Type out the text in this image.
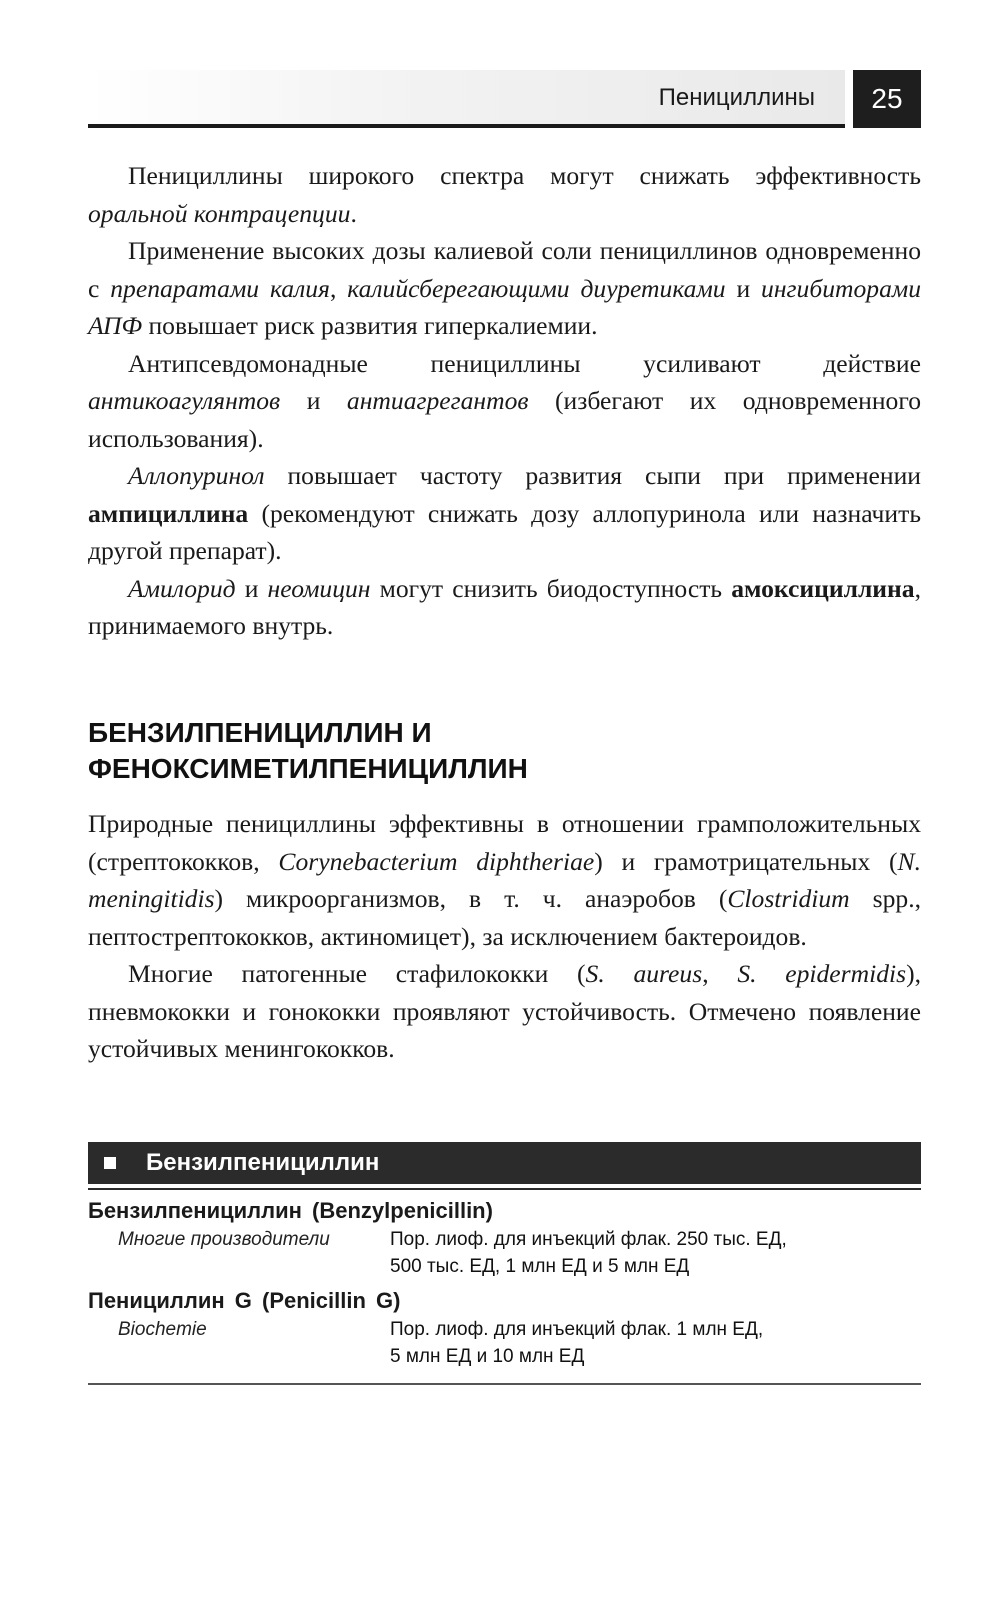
Пенициллины	25

Пенициллины широкого спектра могут снижать эффективность оральной контрацепции.

Применение высоких дозы калиевой соли пенициллинов одновременно с препаратами калия, калийсберегающими диуретиками и ингибиторами АПФ повышает риск развития гиперкалиемии.

Антипсевдомонадные пенициллины усиливают действие антикоагулянтов и антиагрегантов (избегают их одновременного использования).

Аллопуринол повышает частоту развития сыпи при применении ампициллина (рекомендуют снижать дозу аллопуринола или назначить другой препарат).

Амилорид и неомицин могут снизить биодоступность амоксициллина, принимаемого внутрь.

БЕНЗИЛПЕНИЦИЛЛИН И
ФЕНОКСИМЕТИЛПЕНИЦИЛЛИН

Природные пенициллины эффективны в отношении грамположительных (стрептококков, Corynebacterium diphtheriae) и грамотрицательных (N. meningitidis) микроорганизмов, в т. ч. анаэробов (Clostridium spp., пептострептококков, актиномицет), за исключением бактероидов.

Многие патогенные стафилококки (S. aureus, S. epidermidis), пневмококки и гонококки проявляют устойчивость. Отмечено появление устойчивых менингококков.

Бензилпенициллин
Бензилпенициллин (Benzylpenicillin)
Многие производители	Пор. лиоф. для инъекций флак. 250 тыс. ЕД,
500 тыс. ЕД, 1 млн ЕД и 5 млн ЕД
Пенициллин G (Penicillin G)
Biochemie	Пор. лиоф. для инъекций флак. 1 млн ЕД,
5 млн ЕД и 10 млн ЕД
